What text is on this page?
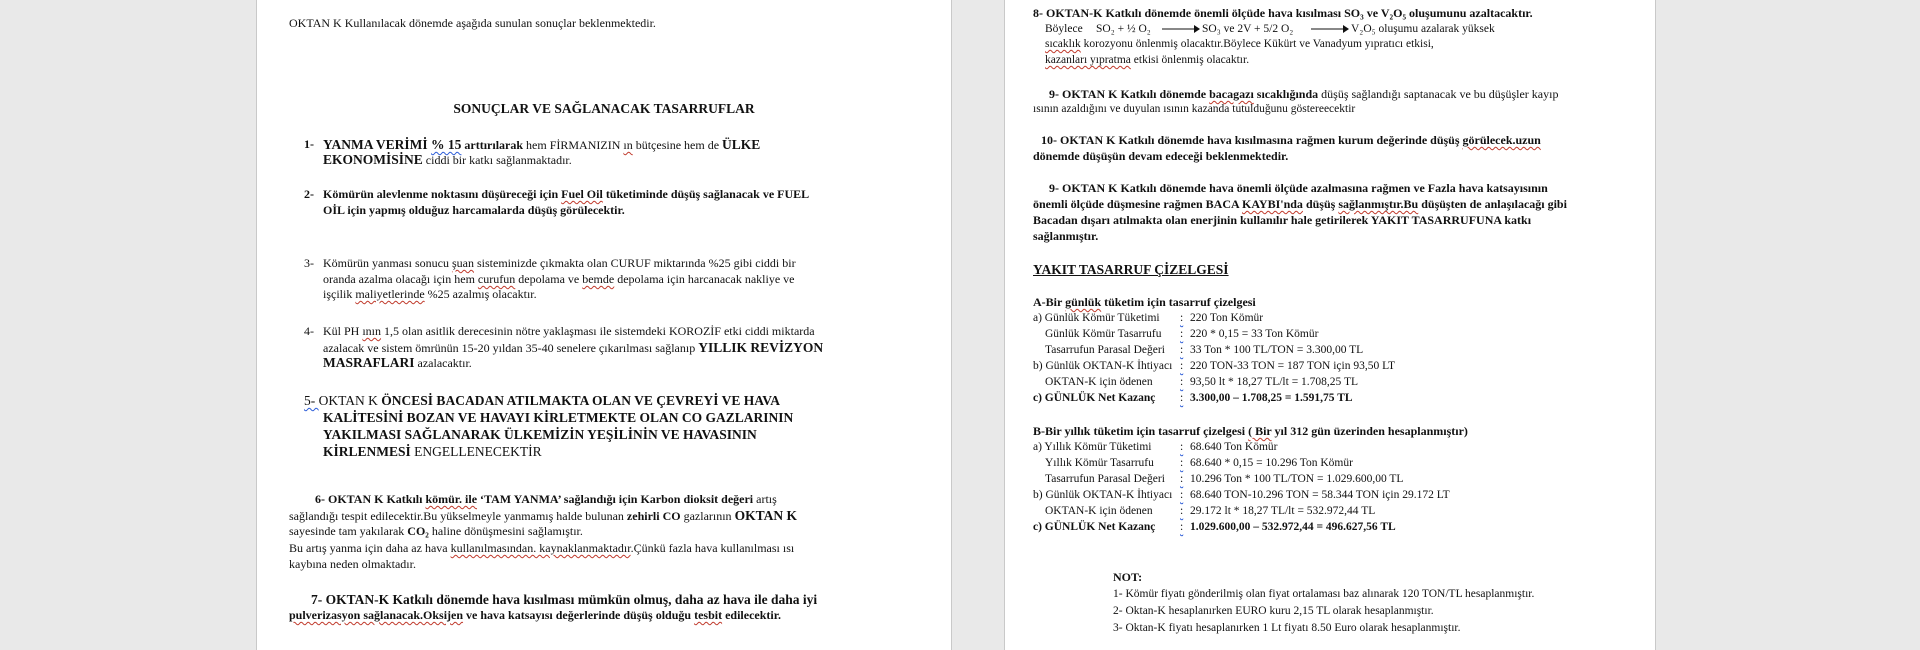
OKTAN K Kullanılacak dönemde aşağıda sunulan sonuçlar beklenmektedir.
SONUÇLAR VE SAĞLANACAK TASARRUFLAR
1- YANMA VERİMİ % 15 arttırılarak hem FİRMANIZIN ın bütçesine hem de ÜLKE
EKONOMİSİNE ciddi bir katkı sağlanmaktadır.
2- Kömürün alevlenme noktasını düşüreceği için Fuel Oil tüketiminde düşüş sağlanacak ve FUEL
OİL için yapmış olduğuz harcamalarda düşüş görülecektir.
3- Kömürün yanması sonucu şuan sisteminizde çıkmakta olan CURUF miktarında %25 gibi ciddi bir
oranda azalma olacağı için hem curufun depolama ve bemde depolama için harcanacak nakliye ve
işçilik maliyetlerinde %25 azalmış olacaktır.
4- Kül PH ının 1,5 olan asitlik derecesinin nötre yaklaşması ile sistemdeki KOROZİF etki ciddi miktarda
azalacak ve sistem ömrünün 15-20 yıldan 35-40 senelere çıkarılması sağlanıp YILLIK REVİZYON
MASRAFLARI azalacaktır.
5- OKTAN K ÖNCESİ BACADAN ATILMAKTA OLAN VE ÇEVREYİ VE HAVA
KALİTESİNİ BOZAN VE HAVAYI KİRLETMEKTE OLAN CO GAZLARININ
YAKILMASI SAĞLANARAK ÜLKEMİZİN YEŞİLİNİN VE HAVASININ
KİRLENMESİ ENGELLENECEKTİR
6- OKTAN K Katkılı kömür. ile ‘TAM YANMA’ sağlandığı için Karbon dioksit değeri artış
sağlandığı tespit edilecektir.Bu yükselmeyle yanmamış halde bulunan zehirli CO gazlarının OKTAN K
sayesinde tam yakılarak CO₂ haline dönüşmesini sağlamıştır.
Bu artış yanma için daha az hava kullanılmasından. kaynaklanmaktadır.Çünkü fazla hava kullanılması ısı
kaybına neden olmaktadır.
7- OKTAN-K Katkılı dönemde hava kısılması mümkün olmuş, daha az hava ile daha iyi
pulverizasyon sağlanacak.Oksijen ve hava katsayısı değerlerinde düşüş olduğu tesbit edilecektir.
8- OKTAN-K Katkılı dönemde önemli ölçüde hava kısılması SO₃ ve V₂O₅ oluşumunu azaltacaktır.
Böylece SO₂ + ½ O₂	SO₃ ve 2V + 5/2 O₂	V₂O₅ oluşumu azalarak yüksek
sıcaklık korozyonu önlenmiş olacaktır.Böylece Kükürt ve Vanadyum yıpratıcı etkisi,
kazanları yıpratma etkisi önlenmiş olacaktır.
9- OKTAN K Katkılı dönemde bacagazı sıcaklığında düşüş sağlandığı saptanacak ve bu düşüşler kayıp
ısının azaldığını ve duyulan ısının kazanda tutulduğunu göstereecektir
10- OKTAN K Katkılı dönemde hava kısılmasına rağmen kurum değerinde düşüş görülecek.uzun
dönemde düşüşün devam edeceği beklenmektedir.
9- OKTAN K Katkılı dönemde hava önemli ölçüde azalmasına rağmen ve Fazla hava katsayısının
önemli ölçüde düşmesine rağmen BACA KAYBI'nda düşüş sağlanmıştır.Bu düşüşten de anlaşılacağı gibi
Bacadan dışarı atılmakta olan enerjinin kullanılır hale getirilerek YAKIT TASARRUFUNA katkı
sağlanmıştır.
YAKIT TASARRUF ÇİZELGESİ
A-Bir günlük tüketim için tasarruf çizelgesi
a) Günlük Kömür Tüketimi : 220 Ton Kömür
Günlük Kömür Tasarrufu : 220 * 0,15 = 33 Ton Kömür
Tasarrufun Parasal Değeri : 33 Ton * 100 TL/TON = 3.300,00 TL
b) Günlük OKTAN-K İhtiyacı : 220 TON-33 TON = 187 TON için 93,50 LT
OKTAN-K için ödenen : 93,50 lt * 18,27 TL/lt = 1.708,25 TL
c) GÜNLÜK Net Kazanç : 3.300,00 – 1.708,25 = 1.591,75 TL
B-Bir yıllık tüketim için tasarruf çizelgesi ( Bir yıl 312 gün üzerinden hesaplanmıştır)
a) Yıllık Kömür Tüketimi : 68.640 Ton Kömür
Yıllık Kömür Tasarrufu : 68.640 * 0,15 = 10.296 Ton Kömür
Tasarrufun Parasal Değeri : 10.296 Ton * 100 TL/TON = 1.029.600,00 TL
b) Günlük OKTAN-K İhtiyacı : 68.640 TON-10.296 TON = 58.344 TON için 29.172 LT
OKTAN-K için ödenen : 29.172 lt * 18,27 TL/lt = 532.972,44 TL
c) GÜNLÜK Net Kazanç : 1.029.600,00 – 532.972,44 = 496.627,56 TL
NOT:
1- Kömür fiyatı gönderilmiş olan fiyat ortalaması baz alınarak 120 TON/TL hesaplanmıştır.
2- Oktan-K hesaplanırken EURO kuru 2,15 TL olarak hesaplanmıştır.
3- Oktan-K fiyatı hesaplanırken 1 Lt fiyatı 8.50 Euro olarak hesaplanmıştır.
